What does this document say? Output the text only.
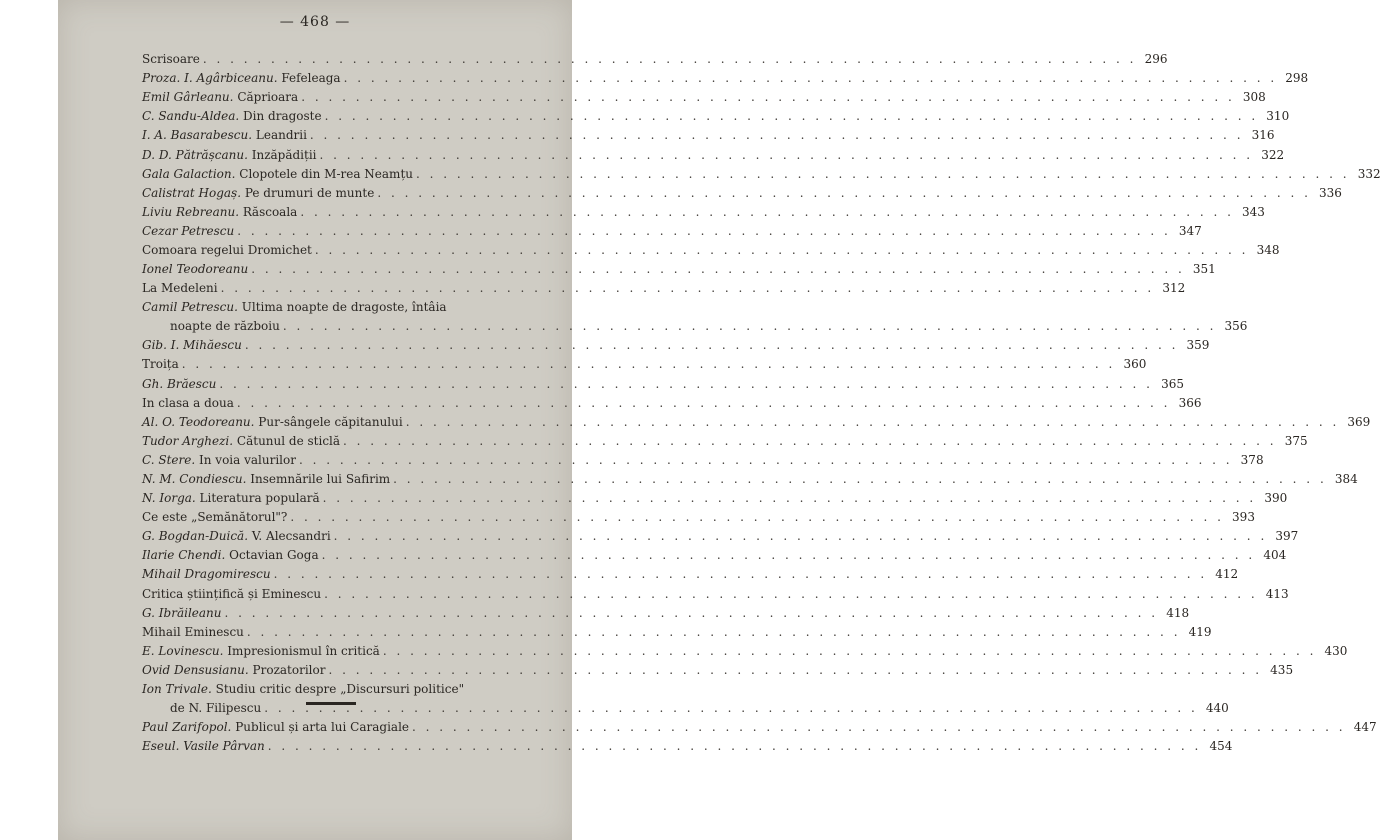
— 468 —
Scrisoare . . .	296
Proza. I. Agârbiceanu. Fefeleaga . . .	298
Emil Gârleanu. Căprioara . . .	308
C. Sandu-Aldea. Din dragoste . . .	310
I. A. Basarabescu. Leandrii . . .	316
D. D. Pătrășcanu. Inzăpădiții . . .	322
Gala Galaction. Clopotele din M-rea Neamțu . . .	332
Calistrat Hogaș. Pe drumuri de munte . . .	336
Liviu Rebreanu. Răscoala . . .	343
Cezar Petrescu . . .	347
Comoara regelui Dromichet . . .	348
Ionel Teodoreanu . . .	351
La Medeleni . . .	312
Camil Petrescu. Ultima noapte de dragoste, întâia
noapte de războiu . . .	356
Gib. I. Mihăescu . . .	359
Troița . . .	360
Gh. Brăescu . . .	365
In clasa a doua . . .	366
Al. O. Teodoreanu. Pur-sângele căpitanului . . .	369
Tudor Arghezi. Cătunul de sticlă . . .	375
C. Stere. In voia valurilor . . .	378
N. M. Condiescu. Insemnările lui Safirim . . .	384
N. Iorga. Literatura populară . . .	390
Ce este „Semănătorul"? . . .	393
G. Bogdan-Duică. V. Alecsandri . . .	397
Ilarie Chendi. Octavian Goga . . .	404
Mihail Dragomirescu . . .	412
Critica științifică și Eminescu . . .	413
G. Ibrăileanu . . .	418
Mihail Eminescu . . .	419
E. Lovinescu. Impresionismul în critică . . .	430
Ovid Densusianu. Prozatorilor . . .	435
Ion Trivale. Studiu critic despre „Discursuri politice"
de N. Filipescu . . .	440
Paul Zarifopol. Publicul și arta lui Caragiale . . .	447
Eseul. Vasile Pârvan . . .	454
